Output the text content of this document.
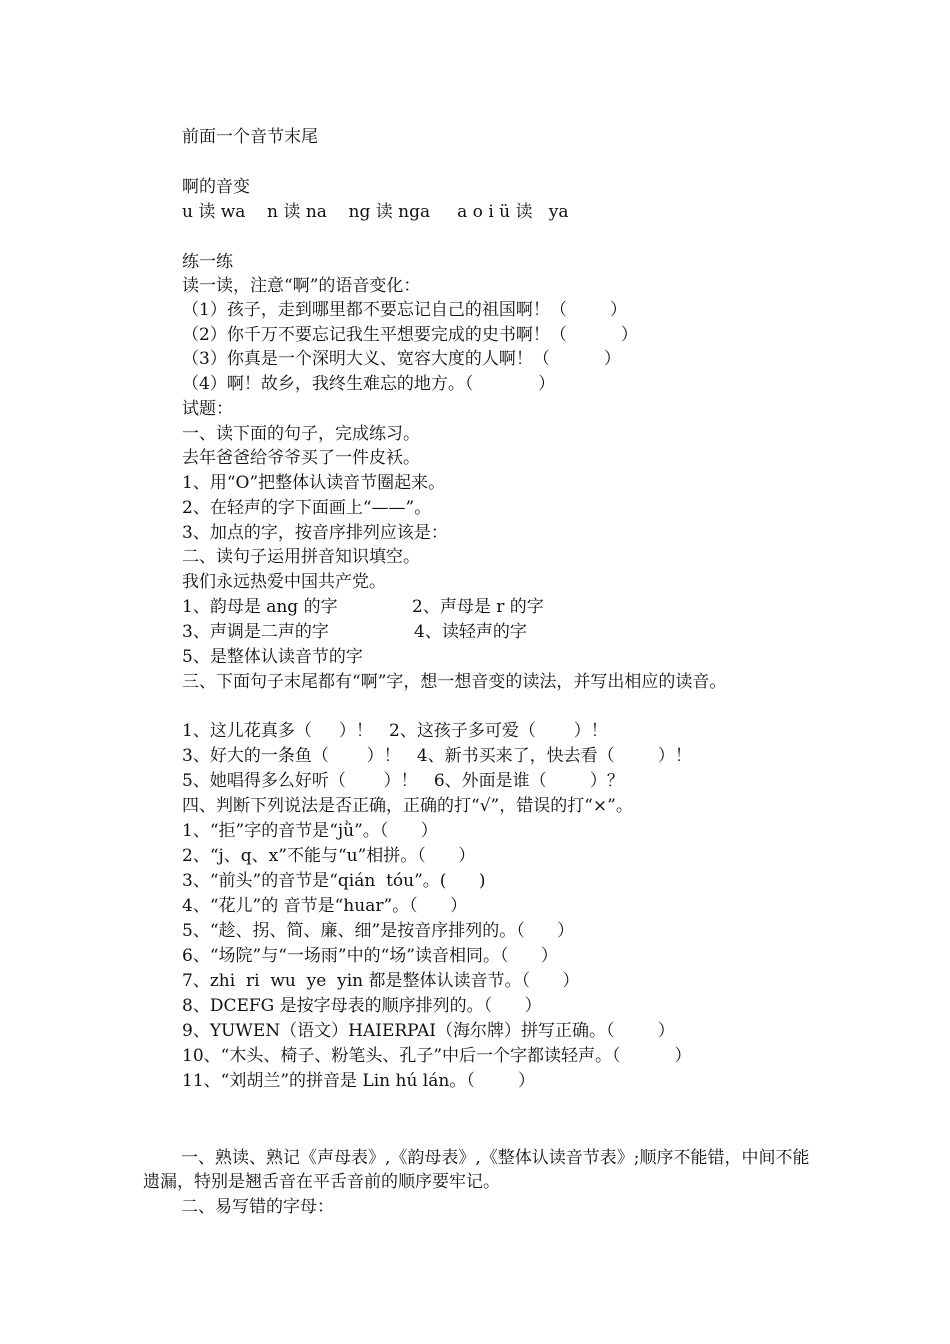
前面一个音节末尾
啊的音变
u 读 wa    n 读 na    ng 读 nga     a o i ü 读   ya
练一练
读一读，注意“啊”的语音变化：
（1）孩子，走到哪里都不要忘记自己的祖国啊！（        ）
（2）你千万不要忘记我生平想要完成的史书啊！（          ）
（3）你真是一个深明大义、宽容大度的人啊！（          ）
（4）啊！故乡，我终生难忘的地方。（            ）
试题：
一、读下面的句子，完成练习。
去年爸爸给爷爷买了一件皮袄。
1、用“O”把整体认读音节圈起来。
2、在轻声的字下面画上“——”。
3、加点的字，按音序排列应该是：
二、读句子运用拼音知识填空。
我们永远热爱中国共产党。
1、韵母是 ang 的字	2、声母是 r 的字
3、声调是二声的字	4、读轻声的字
5、是整体认读音节的字
三、下面句子末尾都有“啊”字，想一想音变的读法，并写出相应的读音。
1、这儿花真多（     ）！   2、这孩子多可爱（       ）！
3、好大的一条鱼（       ）！   4、新书买来了，快去看（        ）！
5、她唱得多么好听（       ）！   6、外面是谁（        ）？
四、判断下列说法是否正确，正确的打“√”，错误的打“×”。
1、“拒”字的音节是“jǜ”。（      ）
2、“j、q、x”不能与“u”相拼。（      ）
3、“前头”的音节是“qián  tóu”。(      )
4、“花儿”的 音节是“huar”。（      ）
5、“趁、拐、简、廉、细”是按音序排列的。（      ）
6、“场院”与“一场雨”中的“场”读音相同。（      ）
7、zhi  ri  wu  ye  yin 都是整体认读音节。（      ）
8、DCEFG 是按字母表的顺序排列的。（      ）
9、YUWEN（语文）HAIERPAI（海尔牌）拼写正确。（        ）
10、“木头、椅子、粉笔头、孔子”中后一个字都读轻声。（          ）
11、“刘胡兰”的拼音是 Lin hú lán。（        ）
一、熟读、熟记《声母表》,《韵母表》,《整体认读音节表》;顺序不能错，中间不能遗漏，特别是翘舌音在平舌音前的顺序要牢记。
二、易写错的字母：
